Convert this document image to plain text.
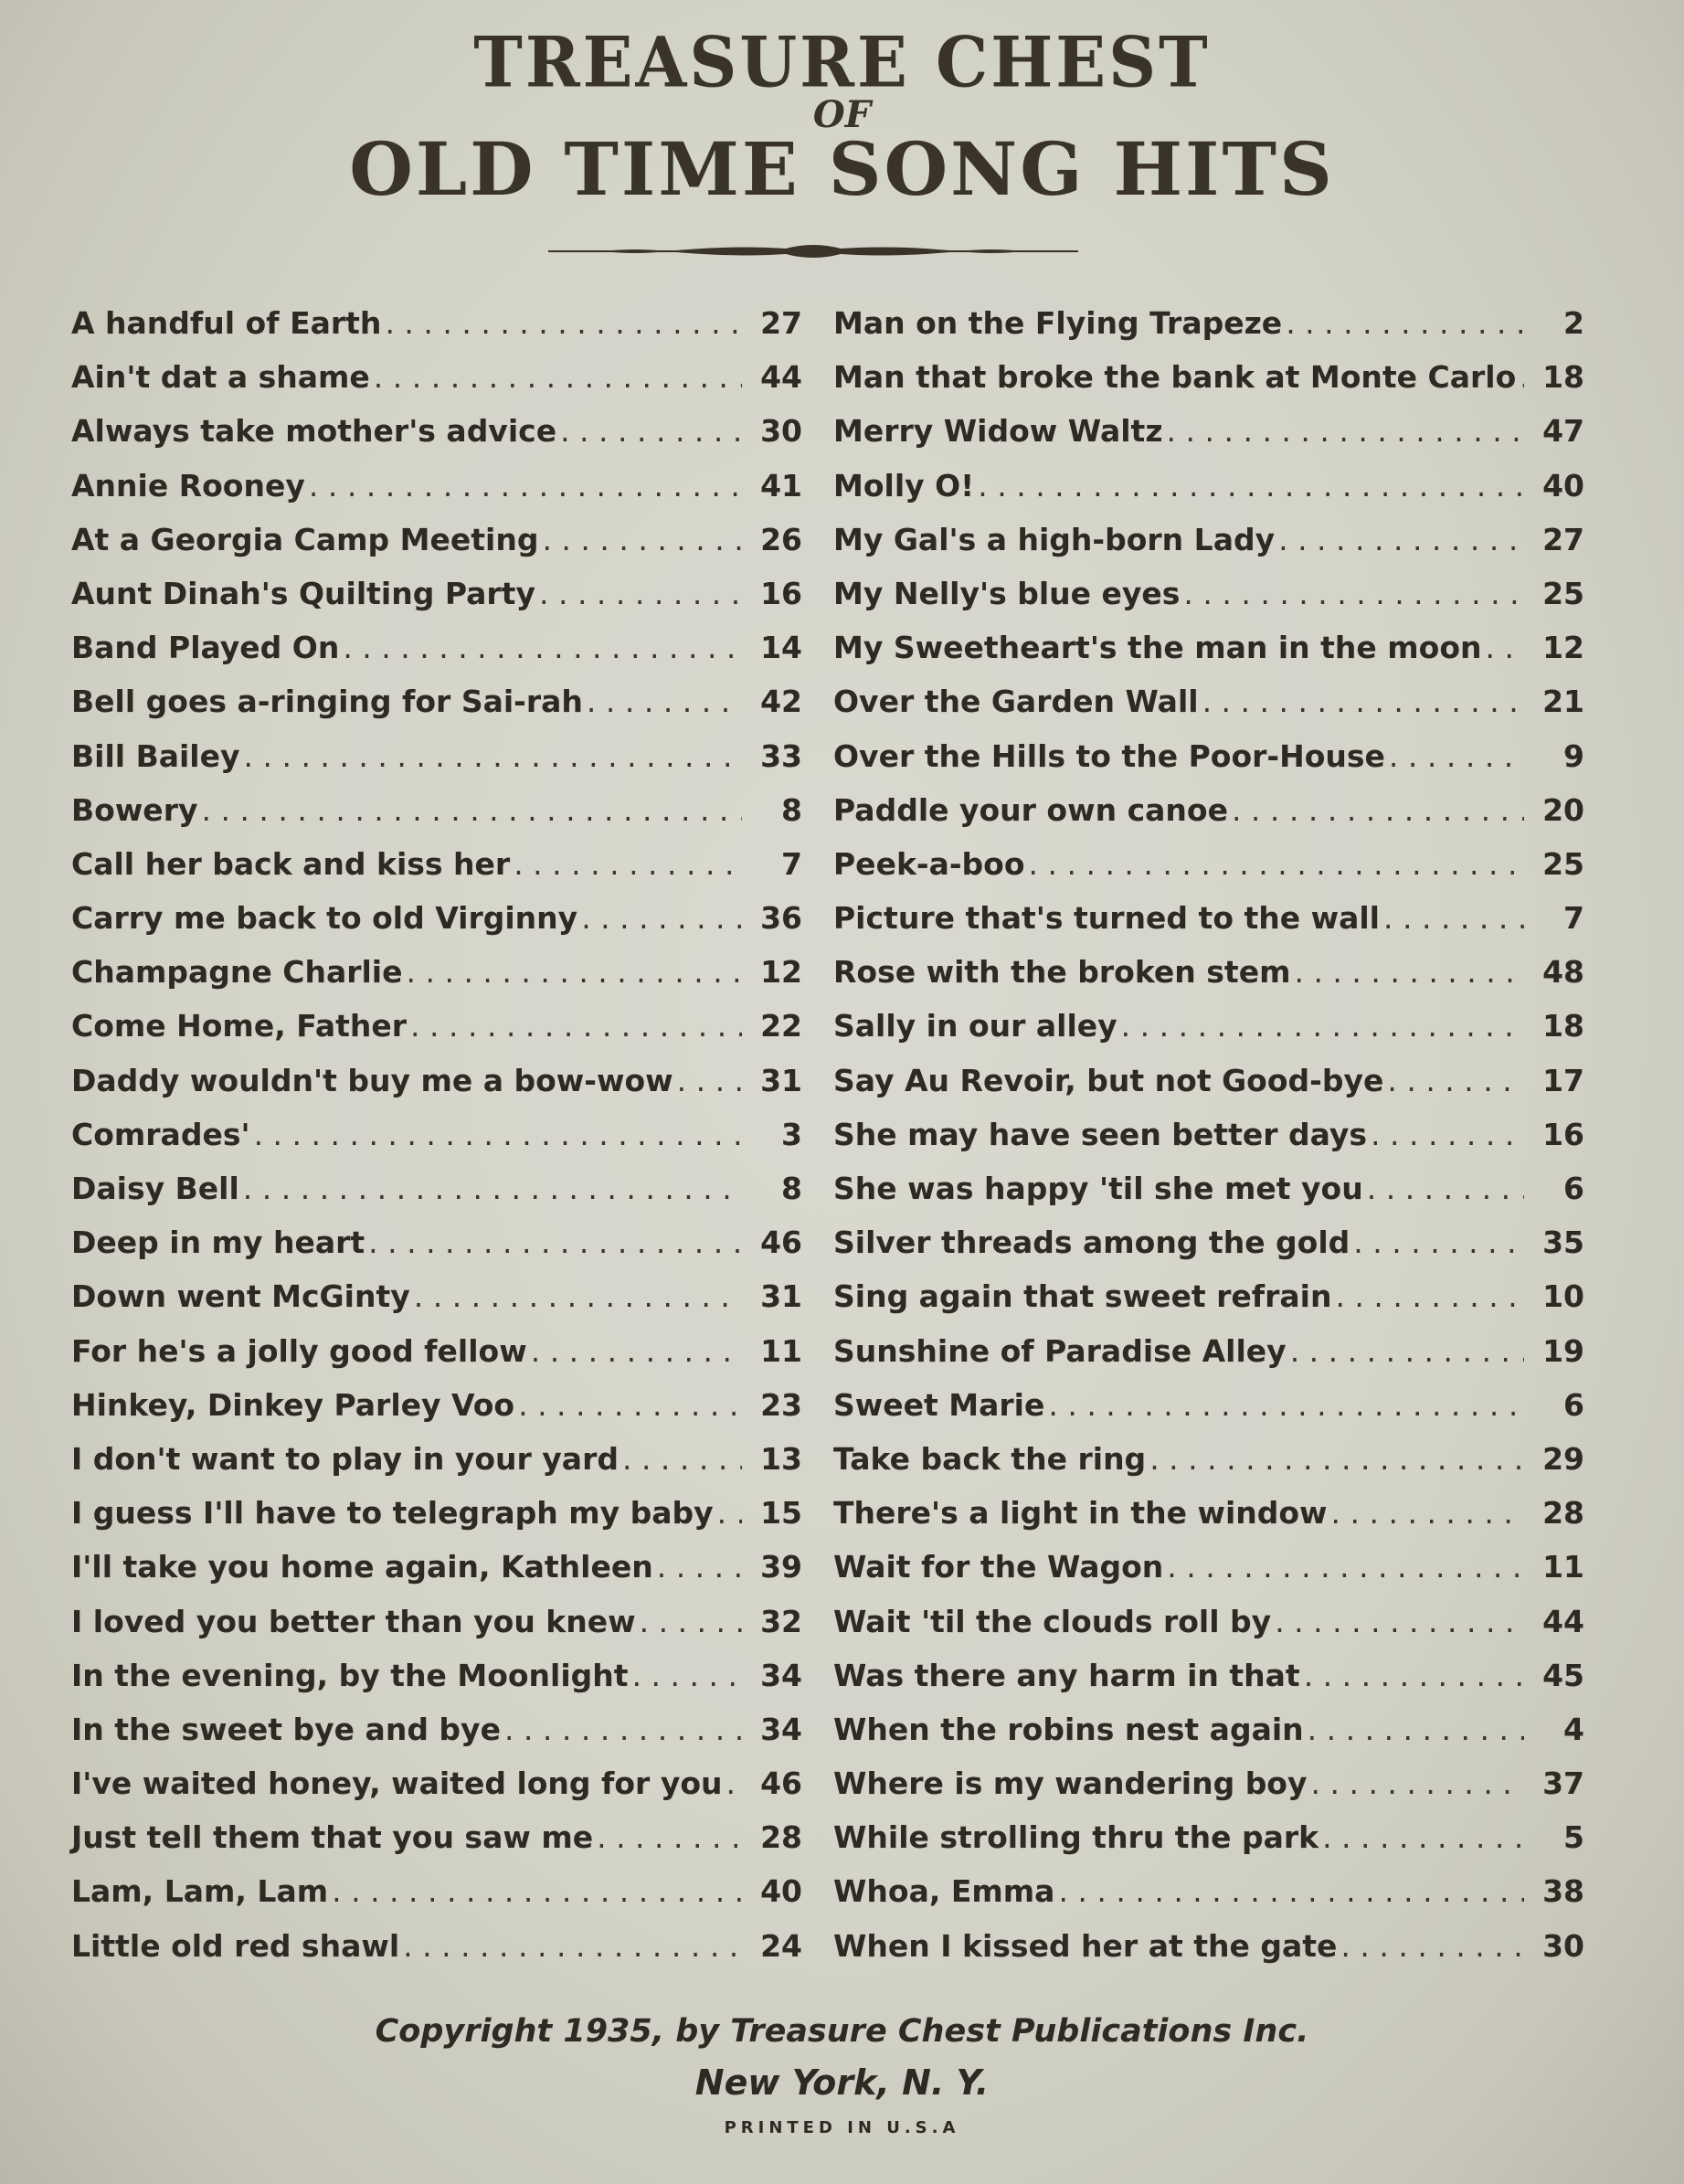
TREASURE CHEST
OF
OLD TIME SONG HITS
A handful of Earth . . .	27
Ain't dat a shame . . .	44
Always take mother's advice . . .	30
Annie Rooney . . .	41
At a Georgia Camp Meeting . . .	26
Aunt Dinah's Quilting Party . . .	16
Band Played On . . .	14
Bell goes a-ringing for Sai-rah . . .	42
Bill Bailey . . .	33
Bowery . . .	8
Call her back and kiss her . . .	7
Carry me back to old Virginny . . .	36
Champagne Charlie . . .	12
Come Home, Father . . .	22
Daddy wouldn't buy me a bow-wow . . .	31
Comrades' . . .	3
Daisy Bell . . .	8
Deep in my heart . . .	46
Down went McGinty . . .	31
For he's a jolly good fellow . . .	11
Hinkey, Dinkey Parley Voo . . .	23
I don't want to play in your yard . . .	13
I guess I'll have to telegraph my baby . . .	15
I'll take you home again, Kathleen . . .	39
I loved you better than you knew . . .	32
In the evening, by the Moonlight . . .	34
In the sweet bye and bye . . .	34
I've waited honey, waited long for you . . .	46
Just tell them that you saw me . . .	28
Lam, Lam, Lam . . .	40
Little old red shawl . . .	24
Man on the Flying Trapeze . . .	2
Man that broke the bank at Monte Carlo . . . 18
Merry Widow Waltz . . .	47
Molly O! . . .	40
My Gal's a high-born Lady . . .	27
My Nelly's blue eyes . . .	25
My Sweetheart's the man in the moon . . .	12
Over the Garden Wall . . .	21
Over the Hills to the Poor-House . . .	9
Paddle your own canoe . . .	20
Peek-a-boo . . .	25
Picture that's turned to the wall . . .	7
Rose with the broken stem . . .	48
Sally in our alley . . .	18
Say Au Revoir, but not Good-bye . . .	17
She may have seen better days . . .	16
She was happy 'til she met you . . .	6
Silver threads among the gold . . .	35
Sing again that sweet refrain . . .	10
Sunshine of Paradise Alley . . .	19
Sweet Marie . . .	6
Take back the ring . . .	29
There's a light in the window . . .	28
Wait for the Wagon . . .	11
Wait 'til the clouds roll by . . .	44
Was there any harm in that . . .	45
When the robins nest again . . .	4
Where is my wandering boy . . .	37
While strolling thru the park . . .	5
Whoa, Emma . . .	38
When I kissed her at the gate . . .	30
Copyright 1935, by Treasure Chest Publications Inc.
New York, N. Y.
PRINTED IN U.S.A
